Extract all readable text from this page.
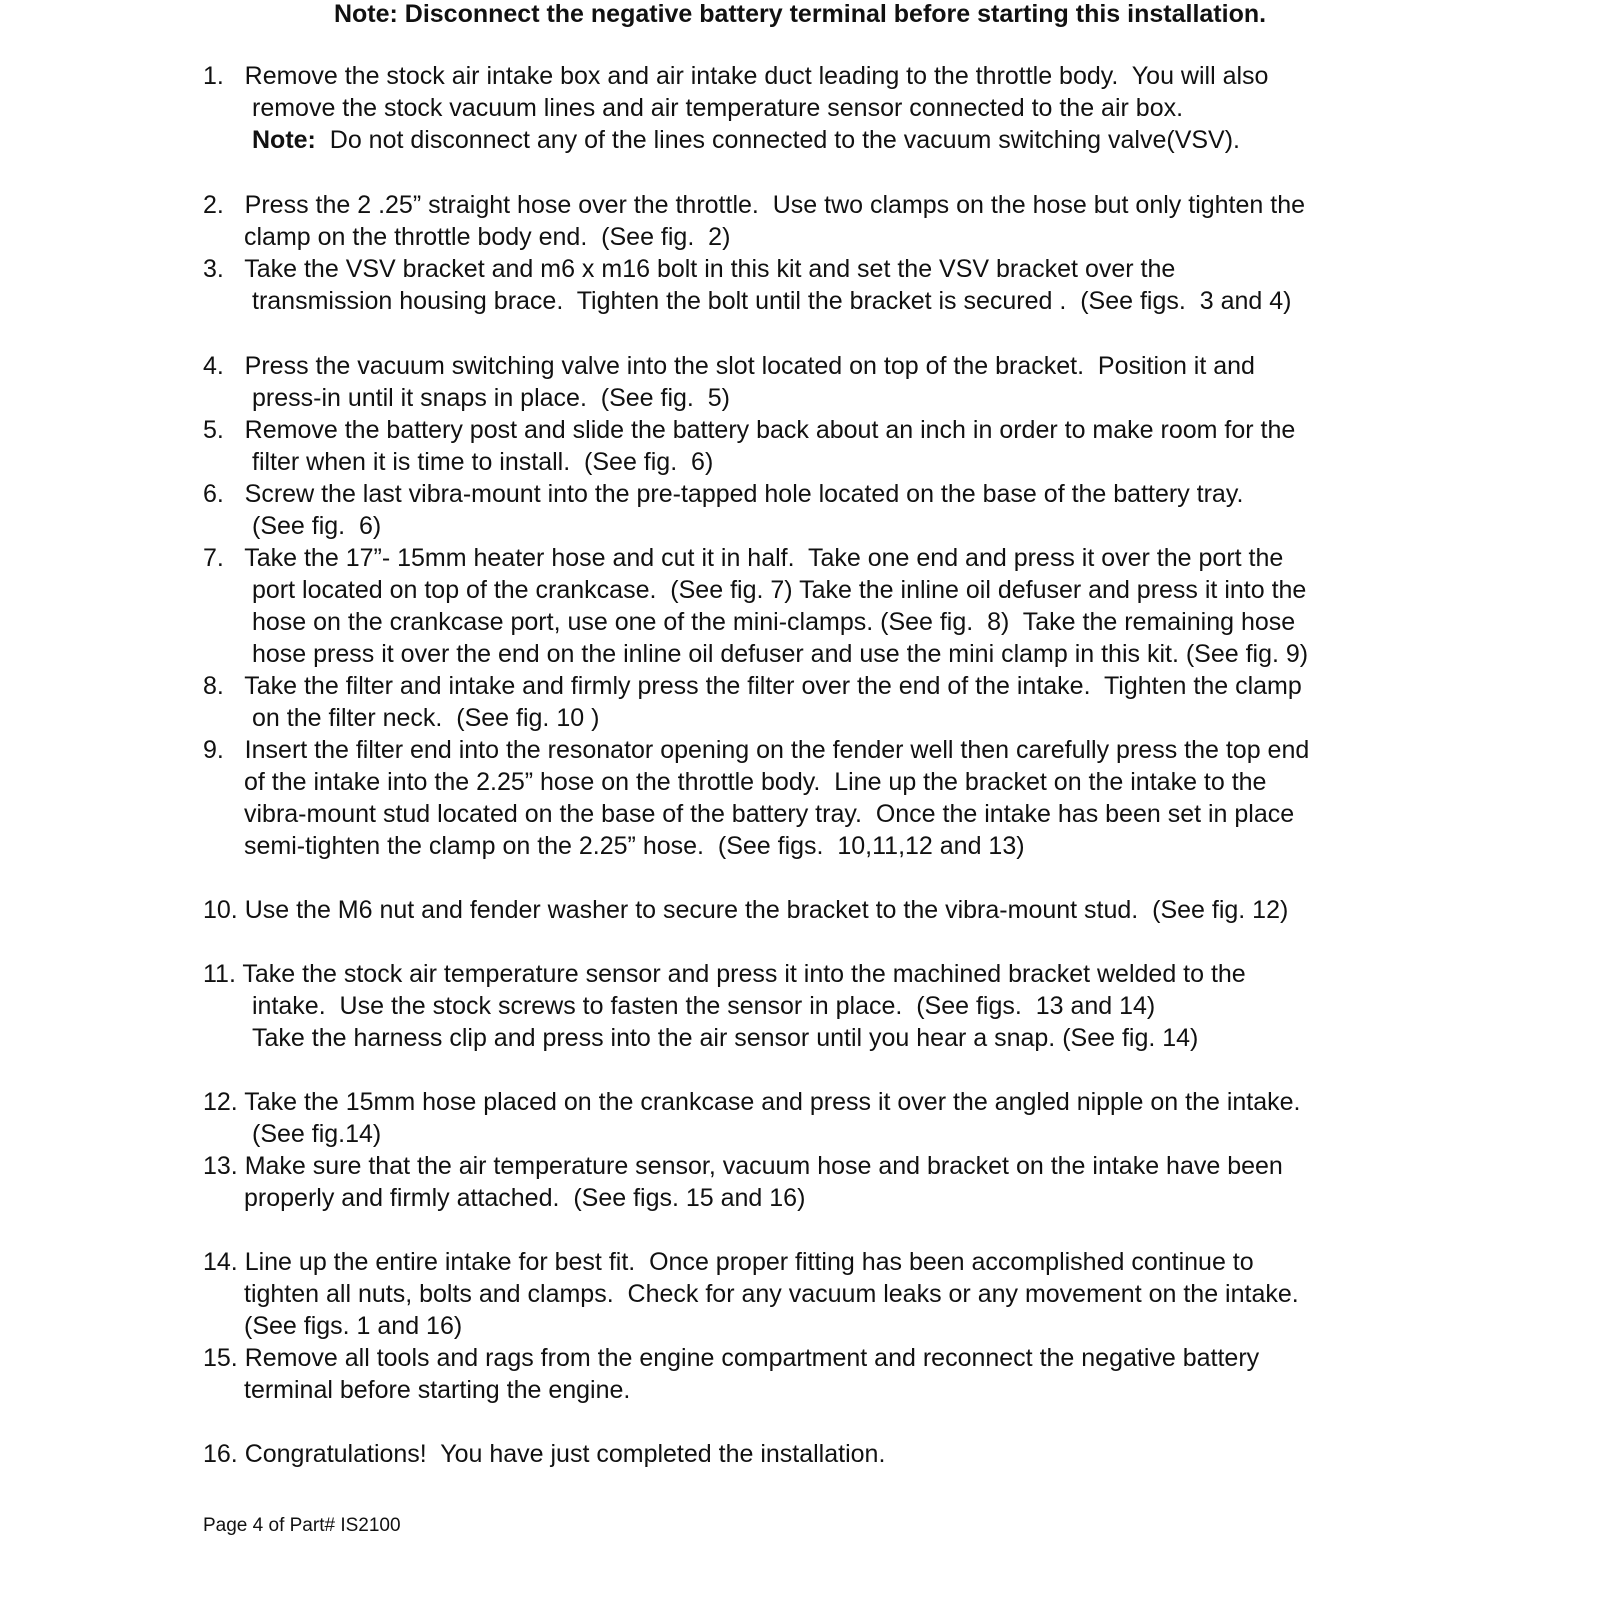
Note: Disconnect the negative battery terminal before starting this installation.
1.   Remove the stock air intake box and air intake duct leading to the throttle body.  You will also
remove the stock vacuum lines and air temperature sensor connected to the air box.
Note:  Do not disconnect any of the lines connected to the vacuum switching valve(VSV).
2.   Press the 2 .25” straight hose over the throttle.  Use two clamps on the hose but only tighten the
clamp on the throttle body end.  (See fig.  2)
3.   Take the VSV bracket and m6 x m16 bolt in this kit and set the VSV bracket over the
transmission housing brace.  Tighten the bolt until the bracket is secured .  (See figs.  3 and 4)
4.   Press the vacuum switching valve into the slot located on top of the bracket.  Position it and
press-in until it snaps in place.  (See fig.  5)
5.   Remove the battery post and slide the battery back about an inch in order to make room for the
filter when it is time to install.  (See fig.  6)
6.   Screw the last vibra-mount into the pre-tapped hole located on the base of the battery tray.
(See fig.  6)
7.   Take the 17”- 15mm heater hose and cut it in half.  Take one end and press it over the port the
port located on top of the crankcase.  (See fig. 7) Take the inline oil defuser and press it into the
hose on the crankcase port, use one of the mini-clamps. (See fig.  8)  Take the remaining hose
hose press it over the end on the inline oil defuser and use the mini clamp in this kit. (See fig. 9)
8.   Take the filter and intake and firmly press the filter over the end of the intake.  Tighten the clamp
on the filter neck.  (See fig. 10 )
9.   Insert the filter end into the resonator opening on the fender well then carefully press the top end
of the intake into the 2.25” hose on the throttle body.  Line up the bracket on the intake to the
vibra-mount stud located on the base of the battery tray.  Once the intake has been set in place
semi-tighten the clamp on the 2.25” hose.  (See figs.  10,11,12 and 13)
10. Use the M6 nut and fender washer to secure the bracket to the vibra-mount stud.  (See fig. 12)
11. Take the stock air temperature sensor and press it into the machined bracket welded to the
intake.  Use the stock screws to fasten the sensor in place.  (See figs.  13 and 14)
Take the harness clip and press into the air sensor until you hear a snap. (See fig. 14)
12. Take the 15mm hose placed on the crankcase and press it over the angled nipple on the intake.
(See fig.14)
13. Make sure that the air temperature sensor, vacuum hose and bracket on the intake have been
properly and firmly attached.  (See figs. 15 and 16)
14. Line up the entire intake for best fit.  Once proper fitting has been accomplished continue to
tighten all nuts, bolts and clamps.  Check for any vacuum leaks or any movement on the intake.
(See figs. 1 and 16)
15. Remove all tools and rags from the engine compartment and reconnect the negative battery
terminal before starting the engine.
16. Congratulations!  You have just completed the installation.
Page 4 of Part# IS2100
